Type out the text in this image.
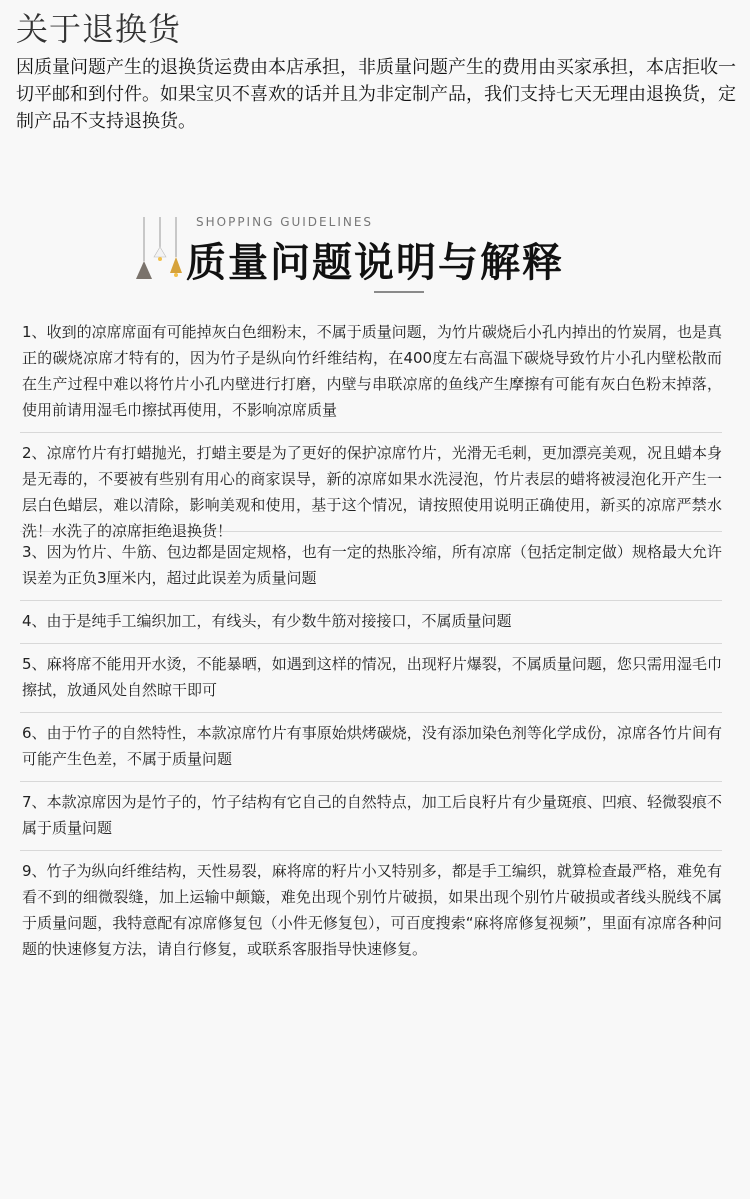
关于退换货
因质量问题产生的退换货运费由本店承担，非质量问题产生的费用由买家承担，本店拒收一切平邮和到付件。如果宝贝不喜欢的话并且为非定制产品，我们支持七天无理由退换货，定制产品不支持退换货。
SHOPPING GUIDELINES
质量问题说明与解释
1、收到的凉席席面有可能掉灰白色细粉末，不属于质量问题，为竹片碳烧后小孔内掉出的竹炭屑，也是真正的碳烧凉席才特有的，因为竹子是纵向竹纤维结构，在400度左右高温下碳烧导致竹片小孔内壁松散而在生产过程中难以将竹片小孔内壁进行打磨，内壁与串联凉席的鱼线产生摩擦有可能有灰白色粉末掉落，使用前请用湿毛巾擦拭再使用，不影响凉席质量
2、凉席竹片有打蜡抛光，打蜡主要是为了更好的保护凉席竹片，光滑无毛刺，更加漂亮美观，况且蜡本身是无毒的，不要被有些别有用心的商家误导，新的凉席如果水洗浸泡，竹片表层的蜡将被浸泡化开产生一层白色蜡层，难以清除，影响美观和使用，基于这个情况，请按照使用说明正确使用，新买的凉席严禁水洗！水洗了的凉席拒绝退换货！
3、因为竹片、牛筋、包边都是固定规格，也有一定的热胀冷缩，所有凉席（包括定制定做）规格最大允许误差为正负3厘米内，超过此误差为质量问题
4、由于是纯手工编织加工，有线头，有少数牛筋对接接口，不属质量问题
5、麻将席不能用开水烫，不能暴晒，如遇到这样的情况，出现籽片爆裂，不属质量问题，您只需用湿毛巾擦拭，放通风处自然晾干即可
6、由于竹子的自然特性，本款凉席竹片有事原始烘烤碳烧，没有添加染色剂等化学成份，凉席各竹片间有可能产生色差，不属于质量问题
7、本款凉席因为是竹子的，竹子结构有它自己的自然特点，加工后良籽片有少量斑痕、凹痕、轻微裂痕不属于质量问题
9、竹子为纵向纤维结构，天性易裂，麻将席的籽片小又特别多，都是手工编织，就算检查最严格，难免有看不到的细微裂缝，加上运输中颠簸，难免出现个别竹片破损，如果出现个别竹片破损或者线头脱线不属于质量问题，我特意配有凉席修复包（小件无修复包），可百度搜索“麻将席修复视频”，里面有凉席各种问题的快速修复方法，请自行修复，或联系客服指导快速修复。
